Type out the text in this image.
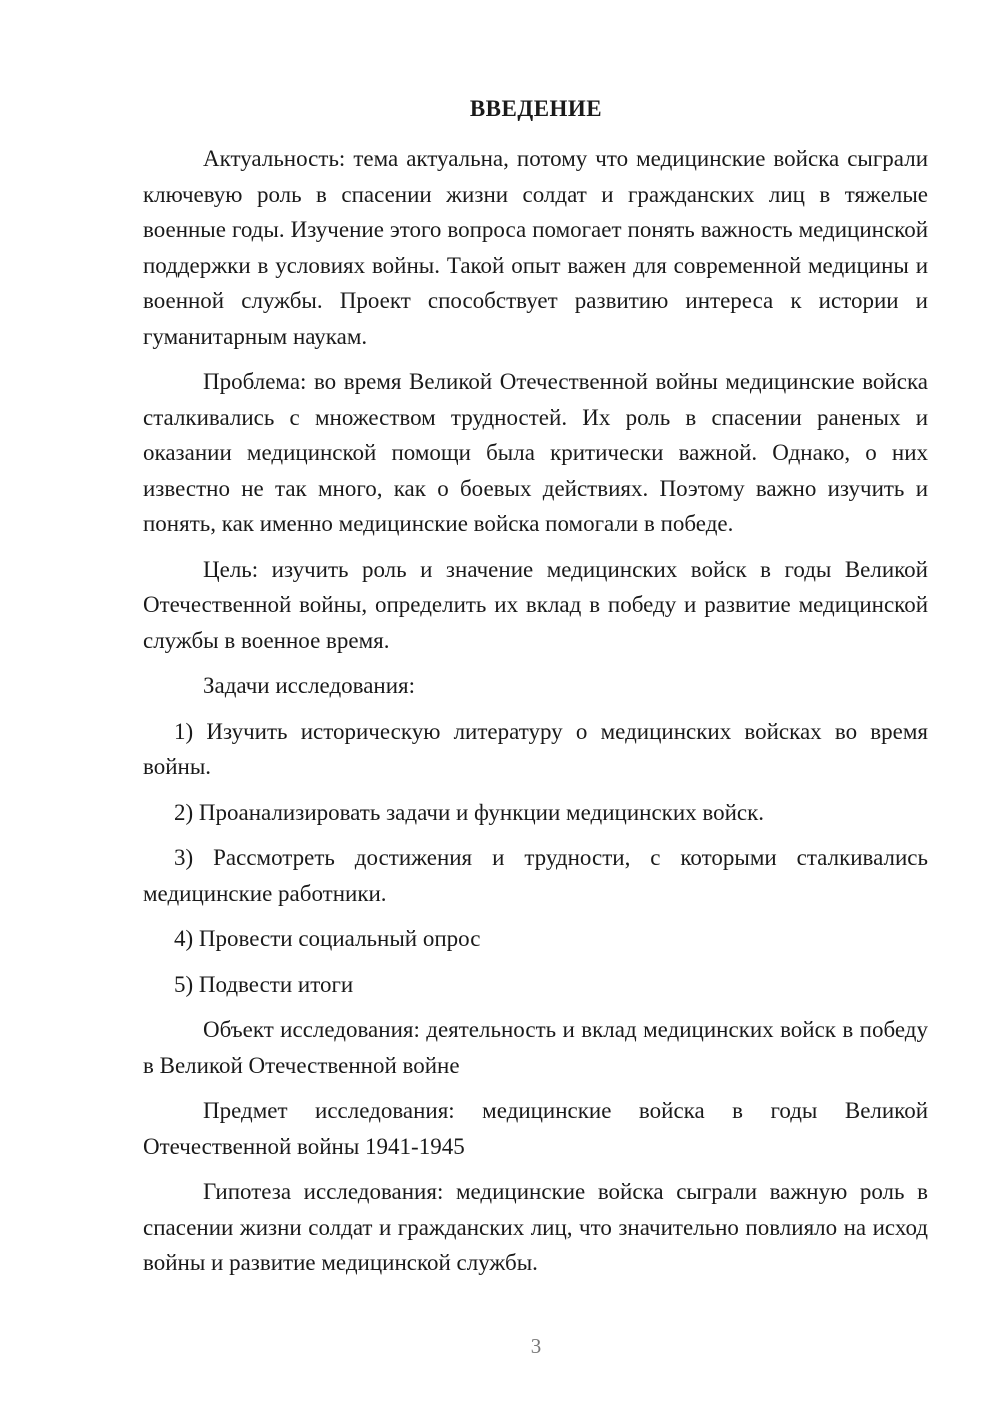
ВВЕДЕНИЕ

Актуальность: тема актуальна, потому что медицинские войска сыграли ключевую роль в спасении жизни солдат и гражданских лиц в тяжелые военные годы. Изучение этого вопроса помогает понять важность медицинской поддержки в условиях войны. Такой опыт важен для современной медицины и военной службы. Проект способствует развитию интереса к истории и гуманитарным наукам.

Проблема: во время Великой Отечественной войны медицинские войска сталкивались с множеством трудностей. Их роль в спасении раненых и оказании медицинской помощи была критически важной. Однако, о них известно не так много, как о боевых действиях. Поэтому важно изучить и понять, как именно медицинские войска помогали в победе.

Цель: изучить роль и значение медицинских войск в годы Великой Отечественной войны, определить их вклад в победу и развитие медицинской службы в военное время.

Задачи исследования:

1) Изучить историческую литературу о медицинских войсках во время войны.

2) Проанализировать задачи и функции медицинских войск.

3) Рассмотреть достижения и трудности, с которыми сталкивались медицинские работники.

4) Провести социальный опрос

5) Подвести итоги

Объект исследования: деятельность и вклад медицинских войск в победу в Великой Отечественной войне

Предмет исследования: медицинские войска в годы Великой Отечественной войны 1941-1945

Гипотеза исследования: медицинские войска сыграли важную роль в спасении жизни солдат и гражданских лиц, что значительно повлияло на исход войны и развитие медицинской службы.

3
